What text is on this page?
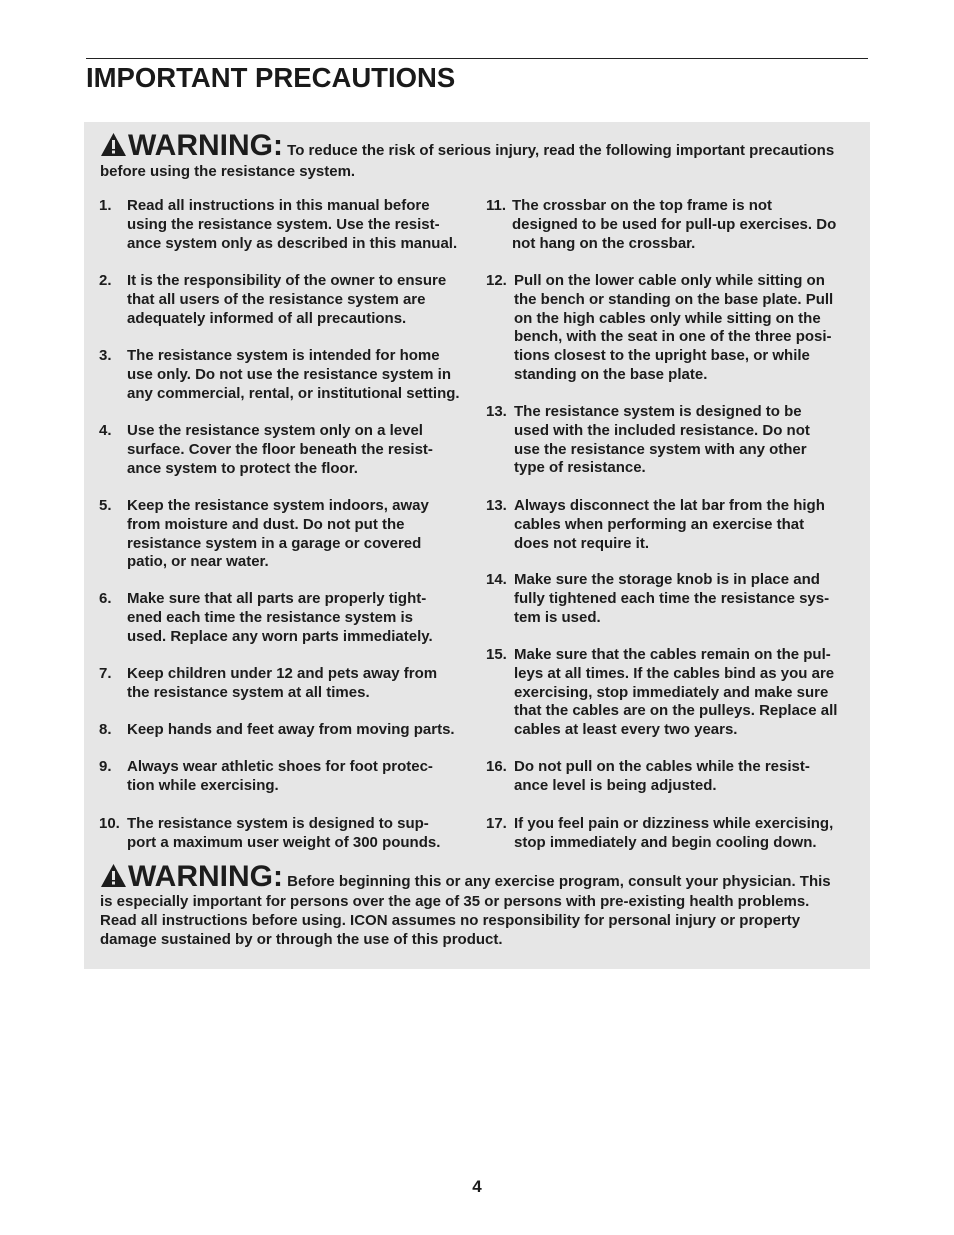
IMPORTANT PRECAUTIONS
WARNING: To reduce the risk of serious injury, read the following important precautions
before using the resistance system.
1. Read all instructions in this manual before
using the resistance system. Use the resist-
ance system only as described in this manual.
2. It is the responsibility of the owner to ensure
that all users of the resistance system are
adequately informed of all precautions.
3. The resistance system is intended for home
use only. Do not use the resistance system in
any commercial, rental, or institutional setting.
4. Use the resistance system only on a level
surface. Cover the floor beneath the resist-
ance system to protect the floor.
5. Keep the resistance system indoors, away
from moisture and dust. Do not put the
resistance system in a garage or covered
patio, or near water.
6. Make sure that all parts are properly tight-
ened each time the resistance system is
used. Replace any worn parts immediately.
7. Keep children under 12 and pets away from
the resistance system at all times.
8. Keep hands and feet away from moving parts.
9. Always wear athletic shoes for foot protec-
tion while exercising.
10. The resistance system is designed to sup-
port a maximum user weight of 300 pounds.
11. The crossbar on the top frame is not
designed to be used for pull-up exercises. Do
not hang on the crossbar.
12. Pull on the lower cable only while sitting on
the bench or standing on the base plate. Pull
on the high cables only while sitting on the
bench, with the seat in one of the three posi-
tions closest to the upright base, or while
standing on the base plate.
13. The resistance system is designed to be
used with the included resistance. Do not
use the resistance system with any other
type of resistance.
13. Always disconnect the lat bar from the high
cables when performing an exercise that
does not require it.
14. Make sure the storage knob is in place and
fully tightened each time the resistance sys-
tem is used.
15. Make sure that the cables remain on the pul-
leys at all times. If the cables bind as you are
exercising, stop immediately and make sure
that the cables are on the pulleys. Replace all
cables at least every two years.
16. Do not pull on the cables while the resist-
ance level is being adjusted.
17. If you feel pain or dizziness while exercising,
stop immediately and begin cooling down.
WARNING: Before beginning this or any exercise program, consult your physician. This
is especially important for persons over the age of 35 or persons with pre-existing health problems.
Read all instructions before using. ICON assumes no responsibility for personal injury or property
damage sustained by or through the use of this product.
4
